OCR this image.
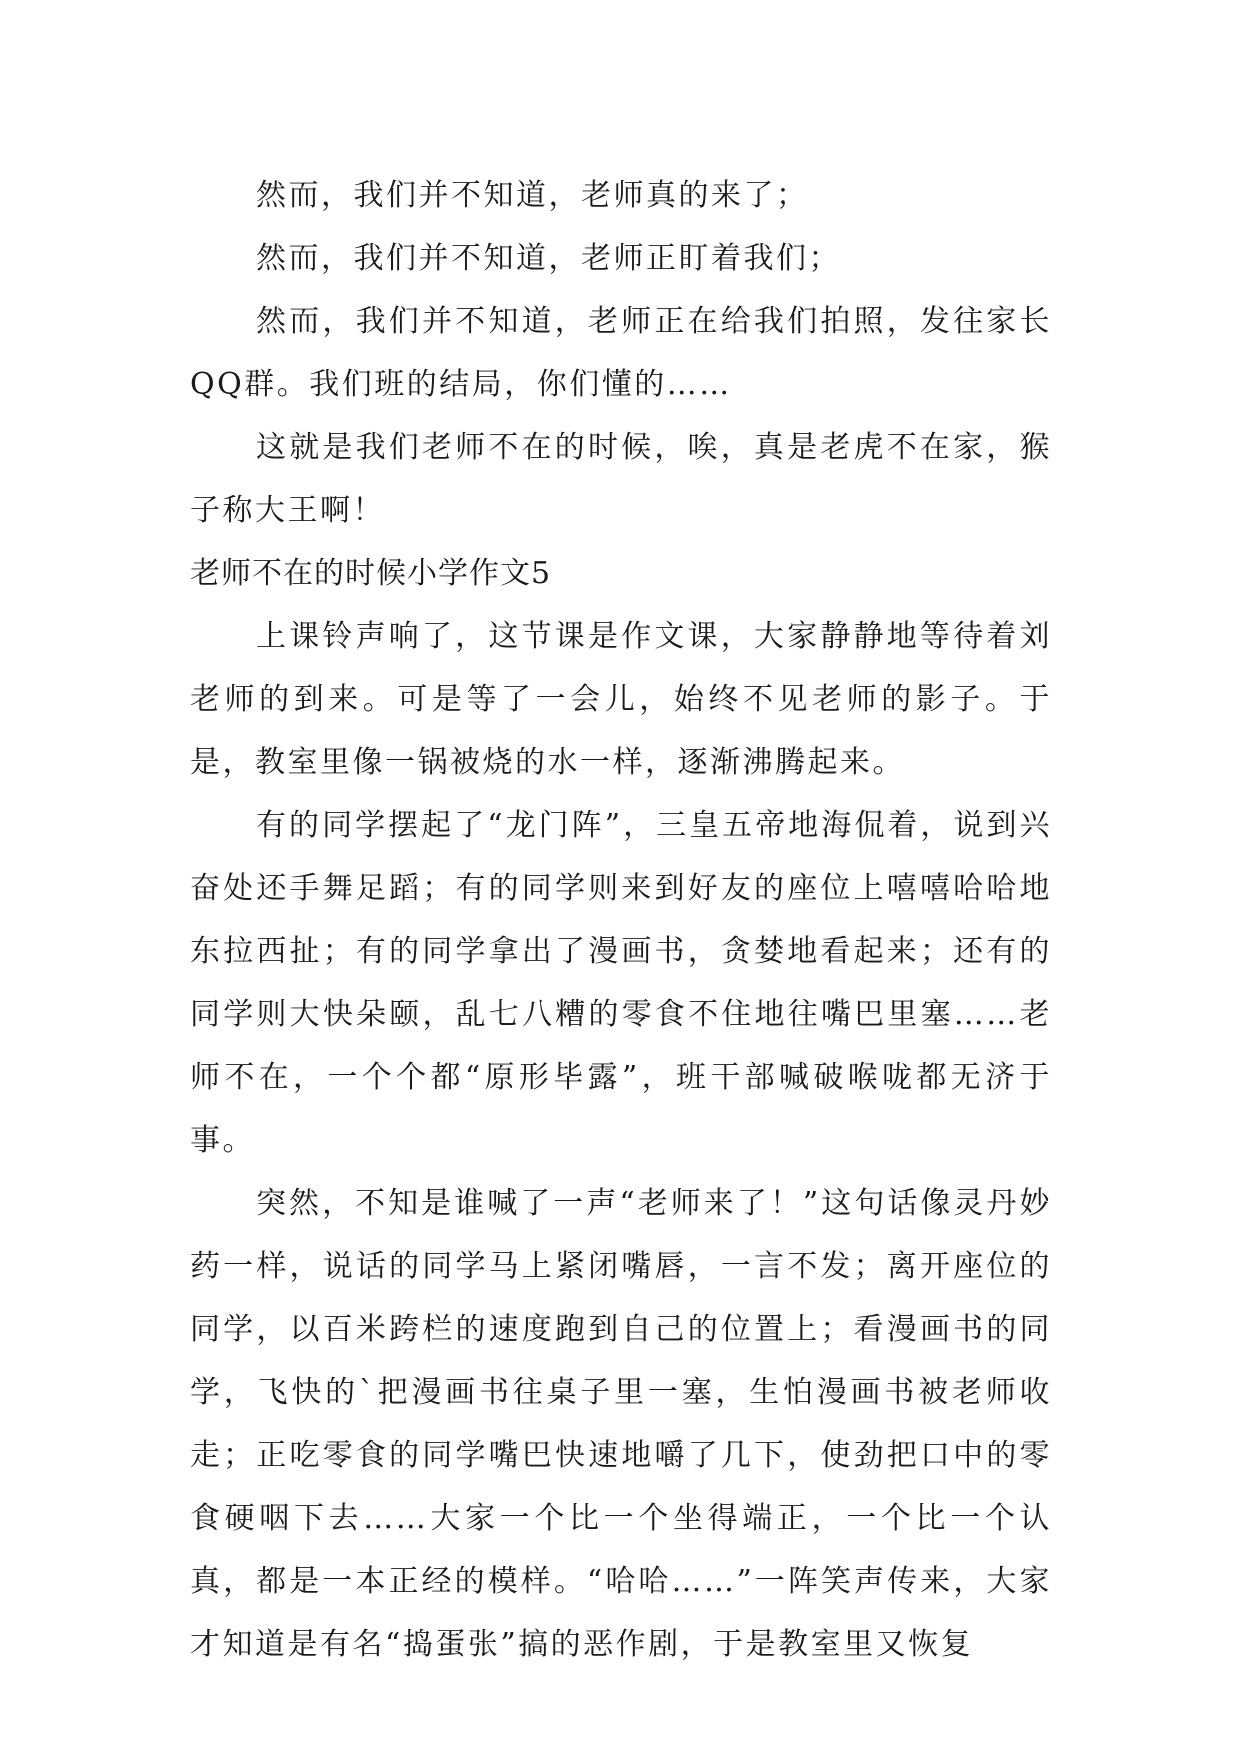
然而，我们并不知道，老师真的来了；

然而，我们并不知道，老师正盯着我们；

然而，我们并不知道，老师正在给我们拍照，发往家长QQ群。我们班的结局，你们懂的……

这就是我们老师不在的时候，唉，真是老虎不在家，猴子称大王啊！

老师不在的时候小学作文5

上课铃声响了，这节课是作文课，大家静静地等待着刘老师的到来。可是等了一会儿，始终不见老师的影子。于是，教室里像一锅被烧的水一样，逐渐沸腾起来。

有的同学摆起了“龙门阵”，三皇五帝地海侃着，说到兴奋处还手舞足蹈；有的同学则来到好友的座位上嘻嘻哈哈地东拉西扯；有的同学拿出了漫画书，贪婪地看起来；还有的同学则大快朵颐，乱七八糟的零食不住地往嘴巴里塞……老师不在，一个个都“原形毕露”，班干部喊破喉咙都无济于事。

突然，不知是谁喊了一声“老师来了！”这句话像灵丹妙药一样，说话的同学马上紧闭嘴唇，一言不发；离开座位的同学，以百米跨栏的速度跑到自己的位置上；看漫画书的同学，飞快的`把漫画书往桌子里一塞，生怕漫画书被老师收走；正吃零食的同学嘴巴快速地嚼了几下，使劲把口中的零食硬咽下去……大家一个比一个坐得端正，一个比一个认真，都是一本正经的模样。“哈哈……”一阵笑声传来，大家才知道是有名“捣蛋张”搞的恶作剧，于是教室里又恢复
